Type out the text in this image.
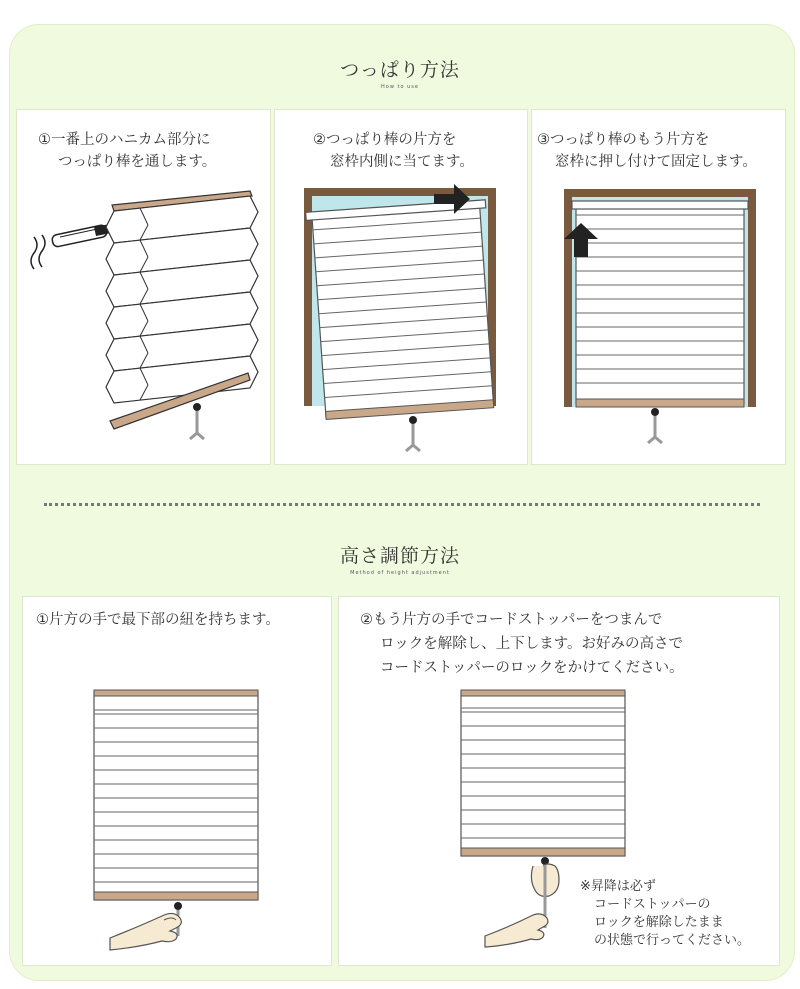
つっぱり方法
How to use
①一番上のハニカム部分に
つっぱり棒を通します。
②つっぱり棒の片方を
窓枠内側に当てます。
③つっぱり棒のもう片方を
窓枠に押し付けて固定します。
高さ調節方法
Method of height adjustment
①片方の手で最下部の紐を持ちます。	②もう片方の手でコードストッパーをつまんで
ロックを解除し、上下します。お好みの高さで
コードストッパーのロックをかけてください。
※昇降は必ず
コードストッパーの
ロックを解除したまま
の状態で行ってください。
